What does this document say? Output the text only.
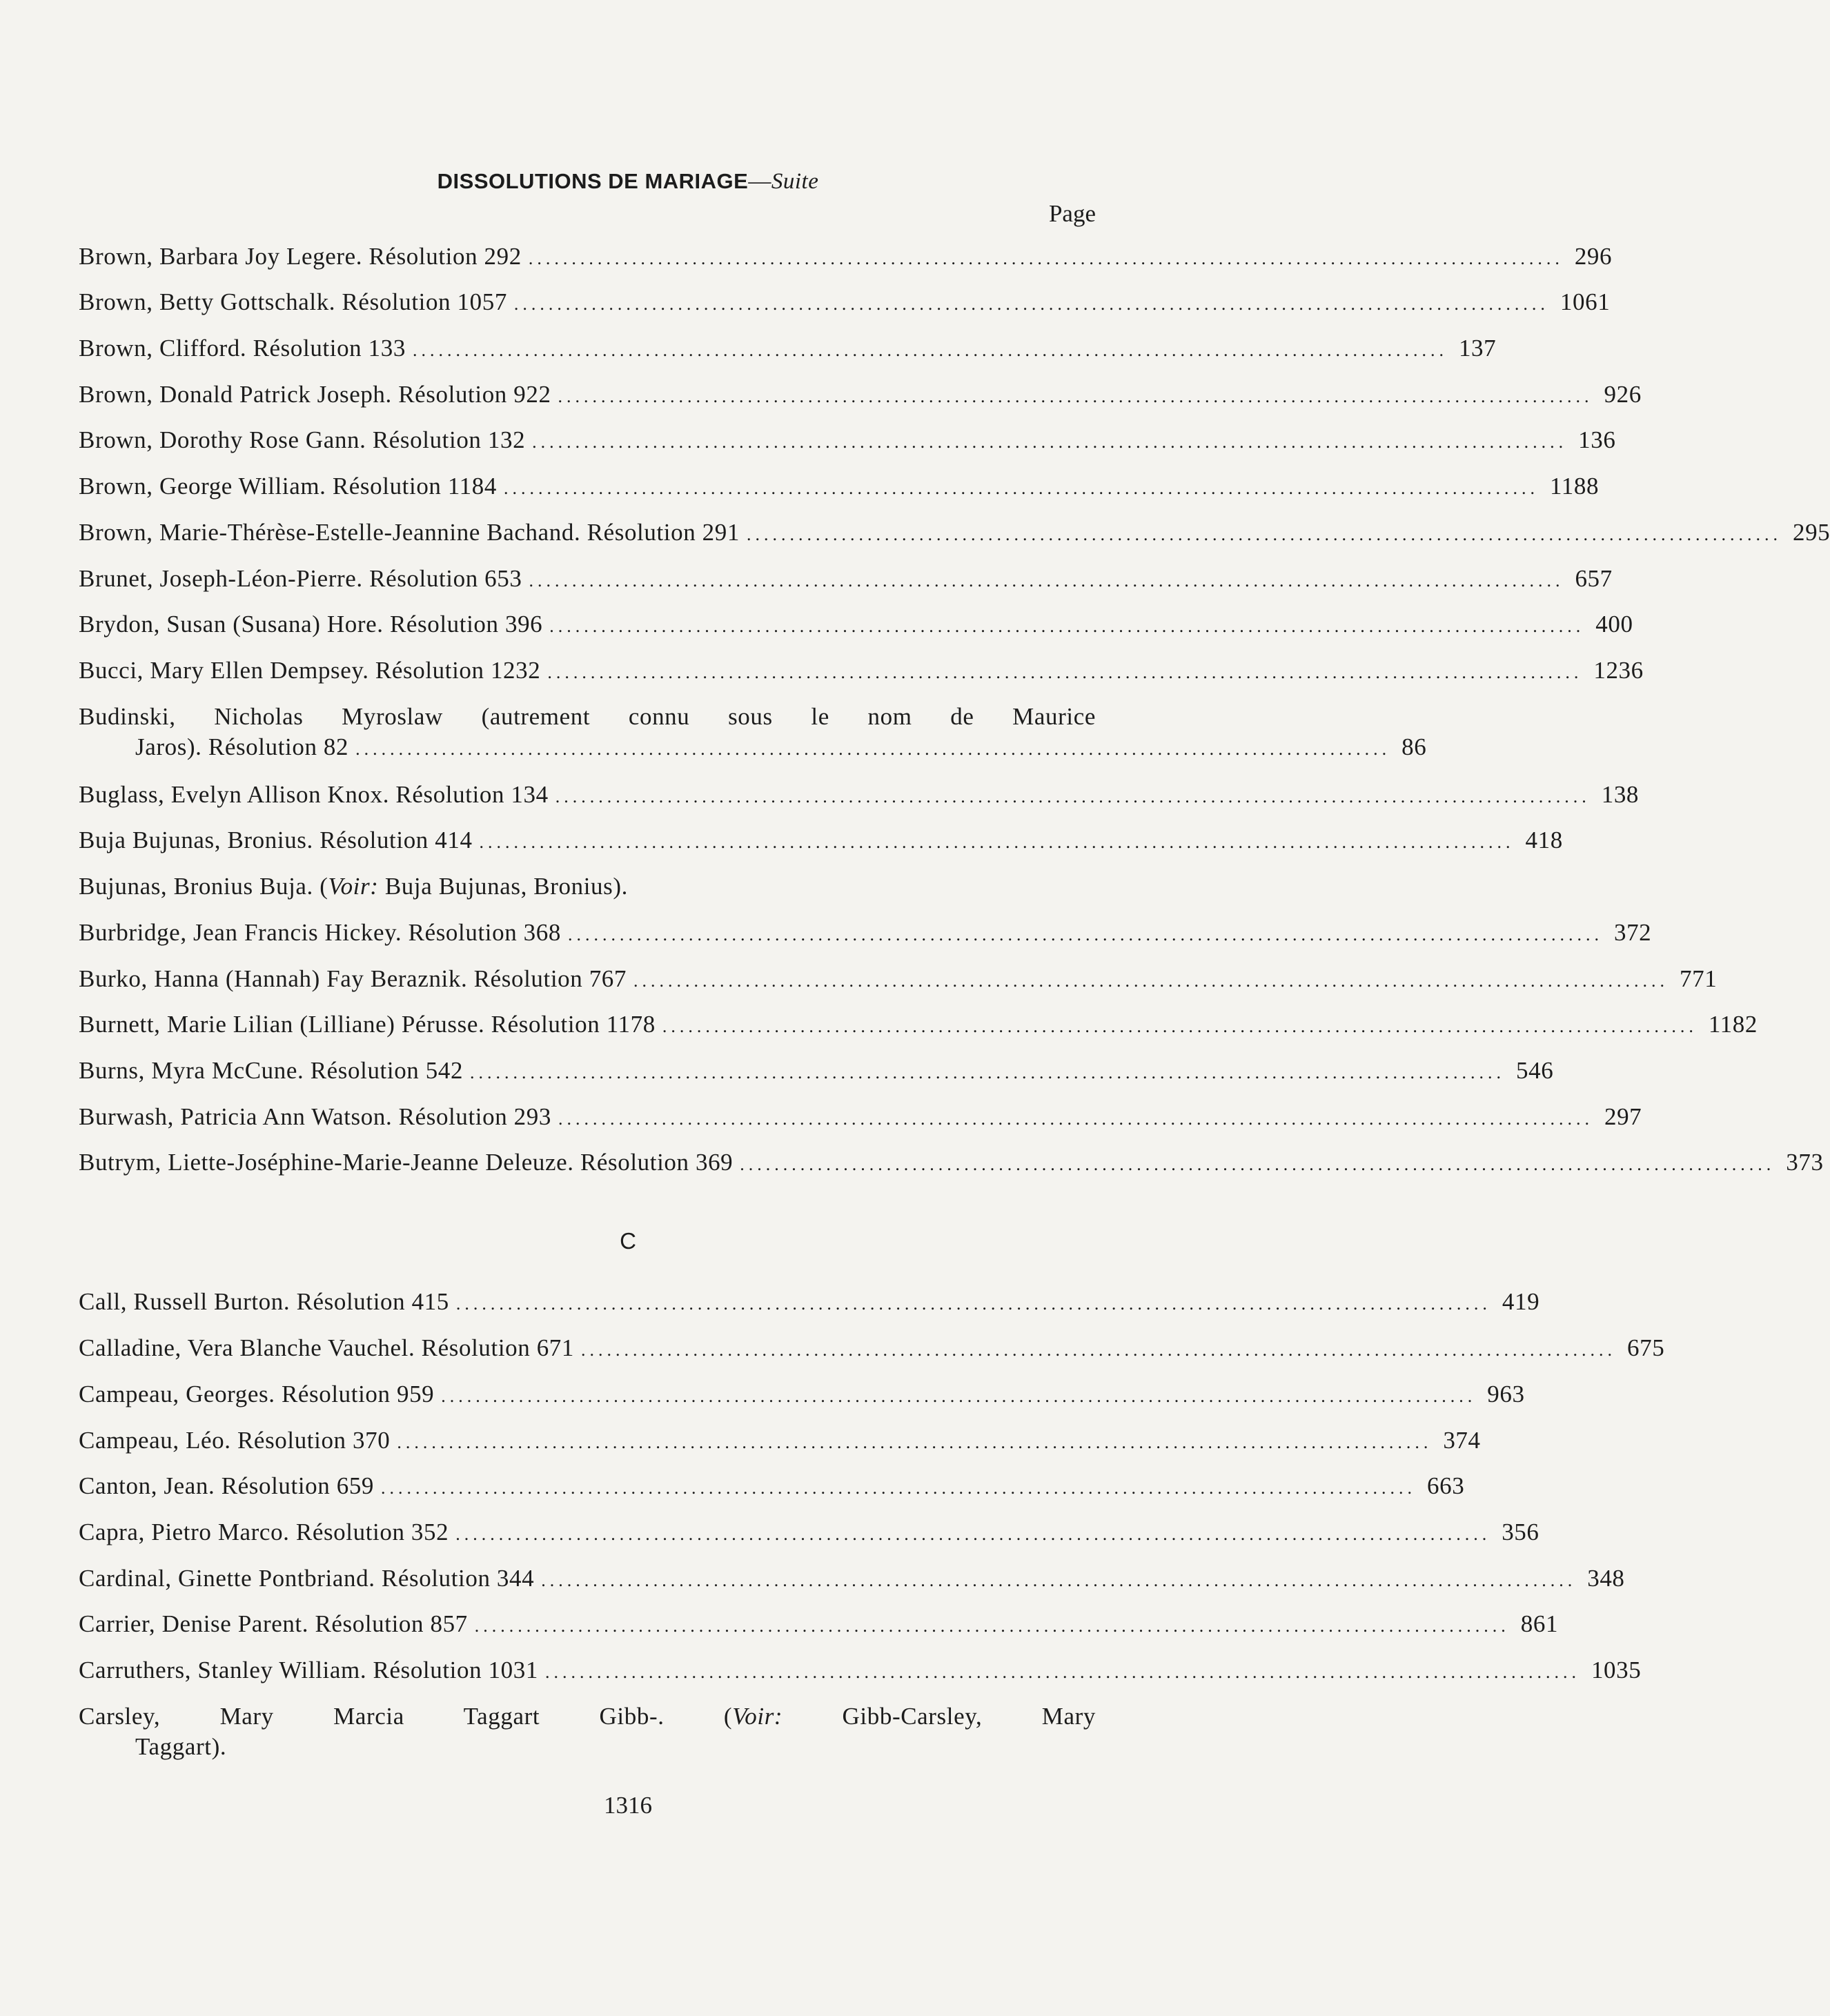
DISSOLUTIONS DE MARIAGE—Suite
Page
Brown, Barbara Joy Legere. Résolution 292 ........................................................................................................................ 296
Brown, Betty Gottschalk. Résolution 1057 ........................................................................................................................ 1061
Brown, Clifford. Résolution 133 ........................................................................................................................ 137
Brown, Donald Patrick Joseph. Résolution 922 ........................................................................................................................ 926
Brown, Dorothy Rose Gann. Résolution 132 ........................................................................................................................ 136
Brown, George William. Résolution 1184 ........................................................................................................................ 1188
Brown, Marie-Thérèse-Estelle-Jeannine Bachand. Résolution 291 ........................................................................................................................ 295
Brunet, Joseph-Léon-Pierre. Résolution 653 ........................................................................................................................ 657
Brydon, Susan (Susana) Hore. Résolution 396 ........................................................................................................................ 400
Bucci, Mary Ellen Dempsey. Résolution 1232 ........................................................................................................................ 1236
Budinski, Nicholas Myroslaw (autrement connu sous le nom de Maurice
Jaros). Résolution 82 ........................................................................................................................ 86
Buglass, Evelyn Allison Knox. Résolution 134 ........................................................................................................................ 138
Buja Bujunas, Bronius. Résolution 414 ........................................................................................................................ 418
Bujunas, Bronius Buja. (Voir: Buja Bujunas, Bronius).
Burbridge, Jean Francis Hickey. Résolution 368 ........................................................................................................................ 372
Burko, Hanna (Hannah) Fay Beraznik. Résolution 767 ........................................................................................................................ 771
Burnett, Marie Lilian (Lilliane) Pérusse. Résolution 1178 ........................................................................................................................ 1182
Burns, Myra McCune. Résolution 542 ........................................................................................................................ 546
Burwash, Patricia Ann Watson. Résolution 293 ........................................................................................................................ 297
Butrym, Liette-Joséphine-Marie-Jeanne Deleuze. Résolution 369 ........................................................................................................................ 373
C
Call, Russell Burton. Résolution 415 ........................................................................................................................ 419
Calladine, Vera Blanche Vauchel. Résolution 671 ........................................................................................................................ 675
Campeau, Georges. Résolution 959 ........................................................................................................................ 963
Campeau, Léo. Résolution 370 ........................................................................................................................ 374
Canton, Jean. Résolution 659 ........................................................................................................................ 663
Capra, Pietro Marco. Résolution 352 ........................................................................................................................ 356
Cardinal, Ginette Pontbriand. Résolution 344 ........................................................................................................................ 348
Carrier, Denise Parent. Résolution 857 ........................................................................................................................ 861
Carruthers, Stanley William. Résolution 1031 ........................................................................................................................ 1035
Carsley, Mary Marcia Taggart Gibb-. (Voir: Gibb-Carsley, Mary
Taggart).
1316
